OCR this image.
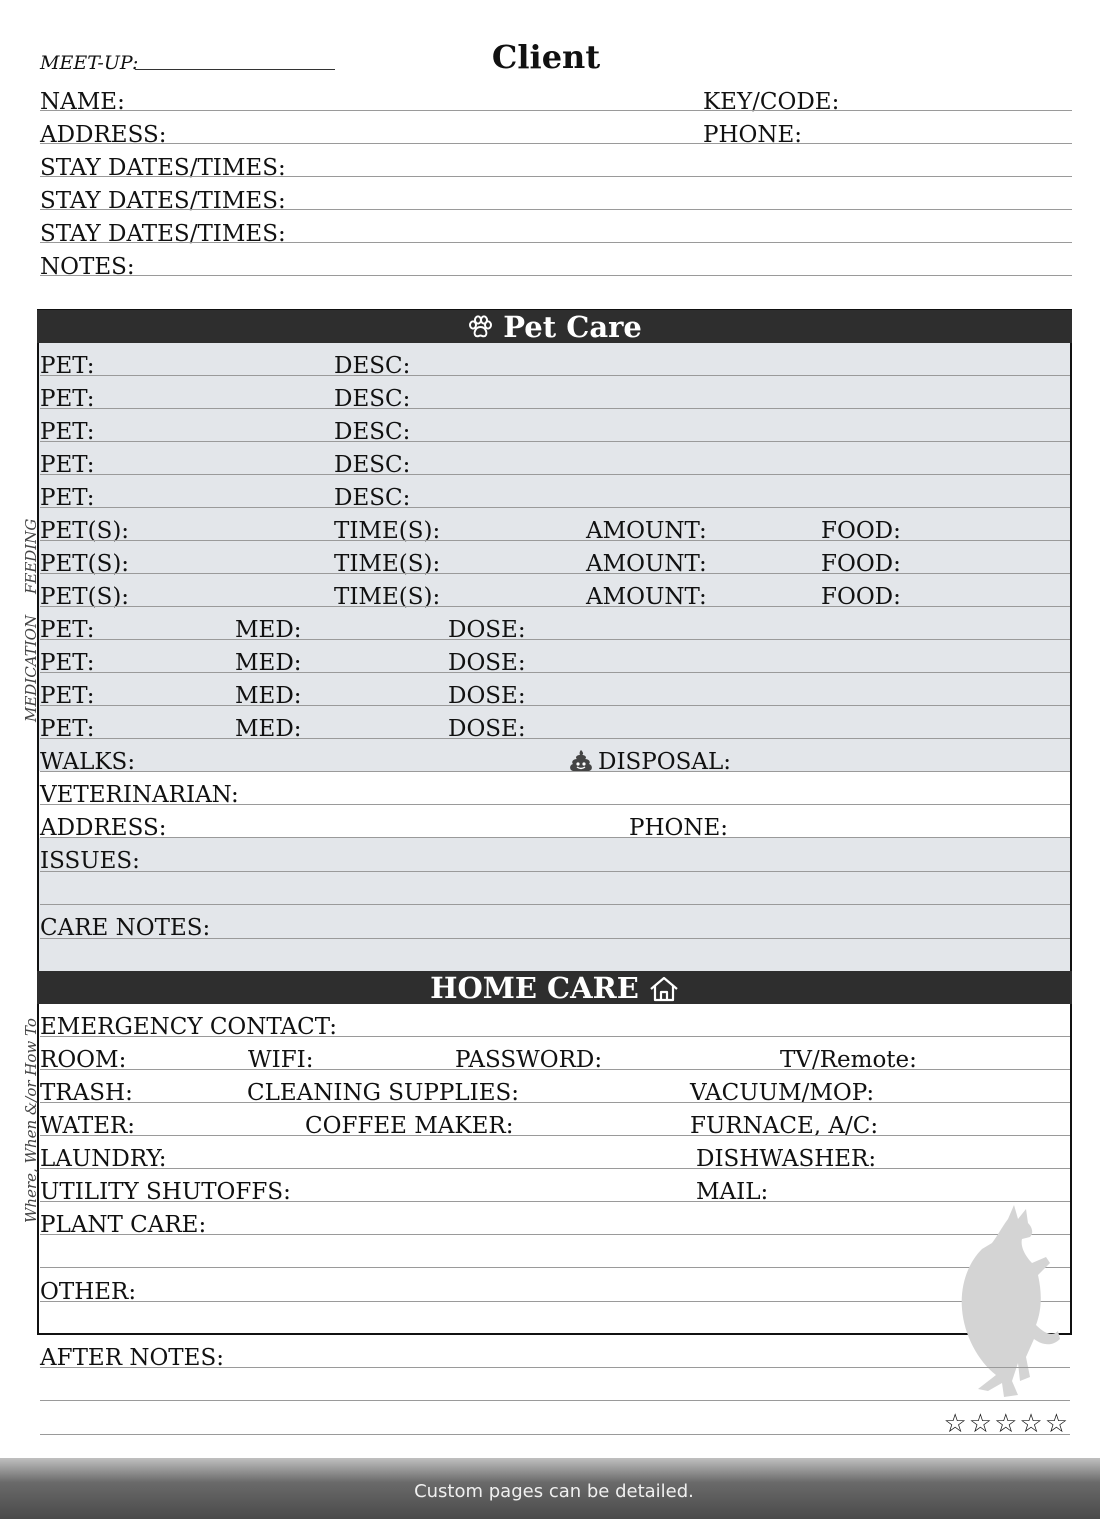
MEET-UP:	Client
NAME:	KEY/CODE:
ADDRESS:	PHONE:
STAY DATES/TIMES:
STAY DATES/TIMES:
STAY DATES/TIMES:
NOTES:
Pet Care
PET:	DESC:
PET:	DESC:
PET:	DESC:
PET:	DESC:
PET:	DESC:
FEEDING PET(S):	TIME(S):	AMOUNT:	FOOD:
PET(S):	TIME(S):	AMOUNT:	FOOD:
PET(S):	TIME(S):	AMOUNT:	FOOD:
MEDICATION PET:	MED:	DOSE:
PET:	MED:	DOSE:
PET:	MED:	DOSE:
PET:	MED:	DOSE:
WALKS:	DISPOSAL:
VETERINARIAN:
ADDRESS:	PHONE:
ISSUES:
CARE NOTES:
HOME CARE
Where, When &/or How To EMERGENCY CONTACT:
ROOM:	WIFI:	PASSWORD:	TV/Remote:
TRASH:	CLEANING SUPPLIES:	VACUUM/MOP:
WATER:	COFFEE MAKER:	FURNACE, A/C:
LAUNDRY:	DISHWASHER:
UTILITY SHUTOFFS:	MAIL:
PLANT CARE:
OTHER:
AFTER NOTES:
☆☆☆☆☆
Custom pages can be detailed.
